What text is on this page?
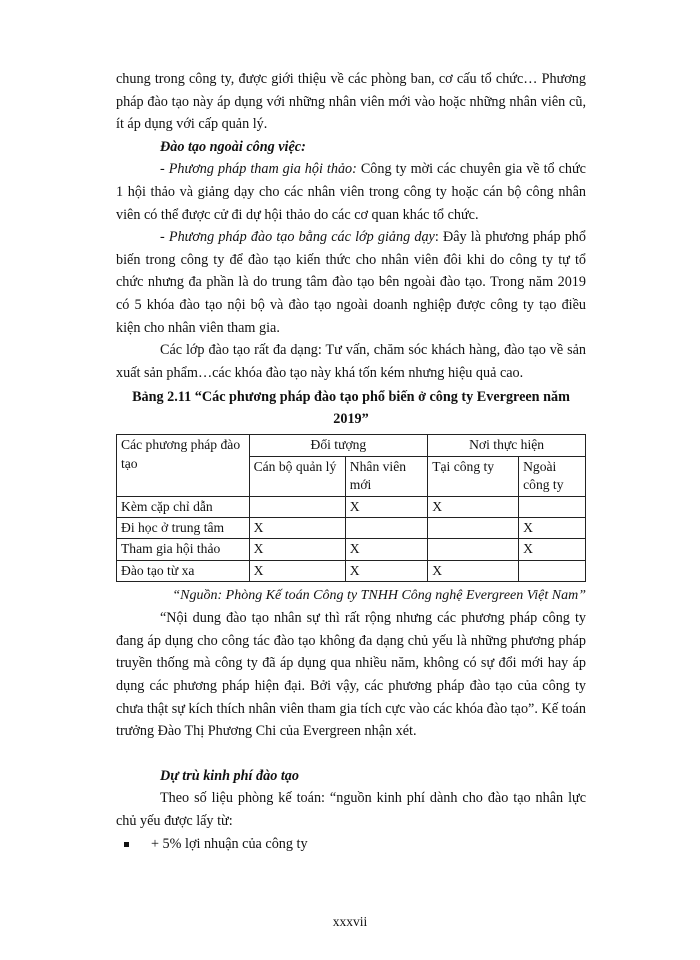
chung trong công ty, được giới thiệu về các phòng ban, cơ cấu tổ chức… Phương pháp đào tạo này áp dụng với những nhân viên mới vào hoặc những nhân viên cũ, ít áp dụng với cấp quản lý.

Đào tạo ngoài công việc:

- Phương pháp tham gia hội thảo: Công ty mời các chuyên gia về tổ chức 1 hội thảo và giảng dạy cho các nhân viên trong công ty hoặc cán bộ công nhân viên có thể được cử đi dự hội thảo do các cơ quan khác tổ chức.

- Phương pháp đào tạo bằng các lớp giảng dạy: Đây là phương pháp phổ biến trong công ty để đào tạo kiến thức cho nhân viên đôi khi do công ty tự tổ chức nhưng đa phần là do trung tâm đào tạo bên ngoài đào tạo. Trong năm 2019 có 5 khóa đào tạo nội bộ và đào tạo ngoài doanh nghiệp được công ty tạo điều kiện cho nhân viên tham gia.

Các lớp đào tạo rất đa dạng: Tư vấn, chăm sóc khách hàng, đào tạo về sản xuất sản phẩm…các khóa đào tạo này khá tốn kém nhưng hiệu quả cao.

Bảng 2.11 “Các phương pháp đào tạo phổ biến ở công ty Evergreen năm 2019”
Các phương pháp đào tạo	Đối tượng		Nơi thực hiện	
	Cán bộ quản lý	Nhân viên mới	Tại công ty	Ngoài công ty
Kèm cặp chỉ dẫn		X	X	
Đi học ở trung tâm	X			X
Tham gia hội thảo	X	X		X
Đào tạo từ xa	X	X	X	
“Nguồn: Phòng Kế toán Công ty TNHH Công nghệ Evergreen Việt Nam”

“Nội dung đào tạo nhân sự thì rất rộng nhưng các phương pháp công ty đang áp dụng cho công tác đào tạo không đa dạng chủ yếu là những phương pháp truyền thống mà công ty đã áp dụng qua nhiều năm, không có sự đổi mới hay áp dụng các phương pháp hiện đại. Bởi vậy, các phương pháp đào tạo của công ty chưa thật sự kích thích nhân viên tham gia tích cực vào các khóa đào tạo”. Kế toán trưởng Đào Thị Phương Chi của Evergreen nhận xét.

Dự trù kinh phí đào tạo

Theo số liệu phòng kế toán: “nguồn kinh phí dành cho đào tạo nhân lực chủ yếu được lấy từ:

+ 5% lợi nhuận của công ty

xxxvii
